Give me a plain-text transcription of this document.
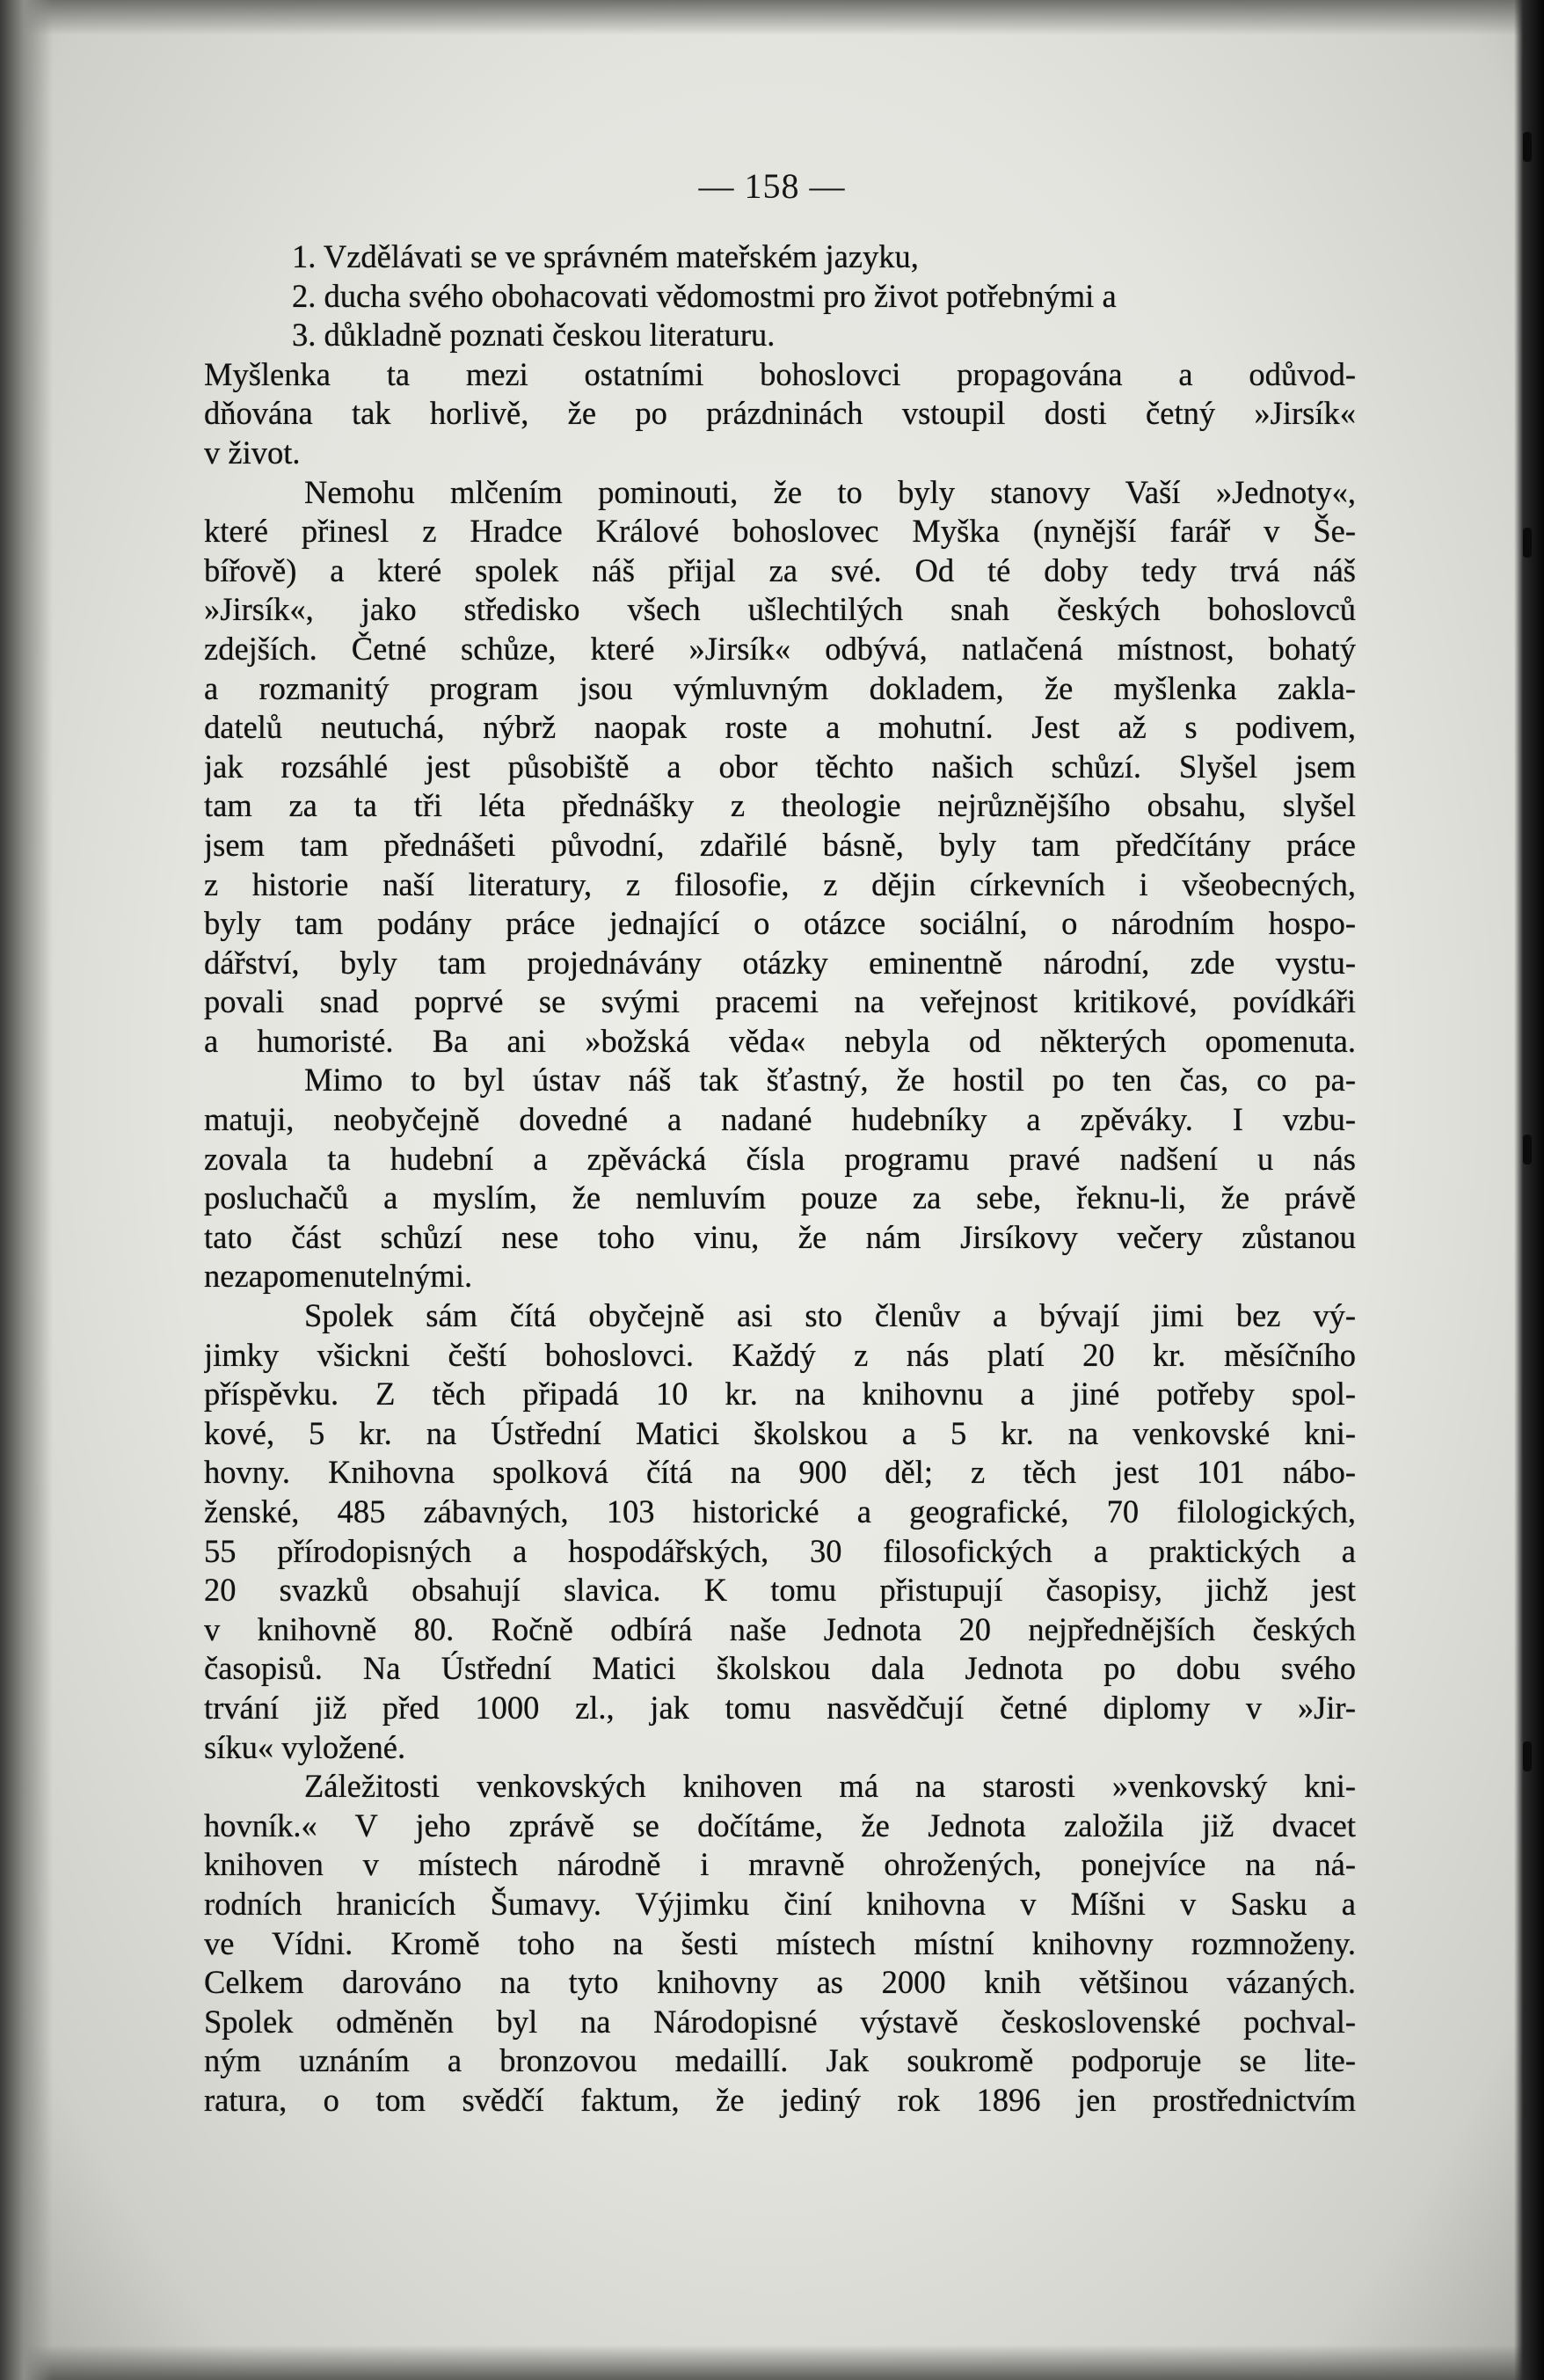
— 158 —
1. Vzdělávati se ve správném mateřském jazyku,
2. ducha svého obohacovati vědomostmi pro život potřebnými a
3. důkladně poznati českou literaturu.
Myšlenka ta mezi ostatními bohoslovci propagována a odůvod-
dňována tak horlivě, že po prázdninách vstoupil dosti četný »Jirsík«
v život.
Nemohu mlčením pominouti, že to byly stanovy Vaší »Jednoty«,
které přinesl z Hradce Králové bohoslovec Myška (nynější farář v Še-
bířově) a které spolek náš přijal za své. Od té doby tedy trvá náš
»Jirsík«, jako středisko všech ušlechtilých snah českých bohoslovců
zdejších. Četné schůze, které »Jirsík« odbývá, natlačená místnost, bohatý
a rozmanitý program jsou výmluvným dokladem, že myšlenka zakla-
datelů neutuchá, nýbrž naopak roste a mohutní. Jest až s podivem,
jak rozsáhlé jest působiště a obor těchto našich schůzí. Slyšel jsem
tam za ta tři léta přednášky z theologie nejrůznějšího obsahu, slyšel
jsem tam přednášeti původní, zdařilé básně, byly tam předčítány práce
z historie naší literatury, z filosofie, z dějin církevních i všeobecných,
byly tam podány práce jednající o otázce sociální, o národním hospo-
dářství, byly tam projednávány otázky eminentně národní, zde vystu-
povali snad poprvé se svými pracemi na veřejnost kritikové, povídkáři
a humoristé. Ba ani »božská věda« nebyla od některých opomenuta.
Mimo to byl ústav náš tak šťastný, že hostil po ten čas, co pa-
matuji, neobyčejně dovedné a nadané hudebníky a zpěváky. I vzbu-
zovala ta hudební a zpěvácká čísla programu pravé nadšení u nás
posluchačů a myslím, že nemluvím pouze za sebe, řeknu-li, že právě
tato část schůzí nese toho vinu, že nám Jirsíkovy večery zůstanou
nezapomenutelnými.
Spolek sám čítá obyčejně asi sto členův a bývají jimi bez vý-
jimky všickni čeští bohoslovci. Každý z nás platí 20 kr. měsíčního
příspěvku. Z těch připadá 10 kr. na knihovnu a jiné potřeby spol-
kové, 5 kr. na Ústřední Matici školskou a 5 kr. na venkovské kni-
hovny. Knihovna spolková čítá na 900 děl; z těch jest 101 nábo-
ženské, 485 zábavných, 103 historické a geografické, 70 filologických,
55 přírodopisných a hospodářských, 30 filosofických a praktických a
20 svazků obsahují slavica. K tomu přistupují časopisy, jichž jest
v knihovně 80. Ročně odbírá naše Jednota 20 nejpřednějších českých
časopisů. Na Ústřední Matici školskou dala Jednota po dobu svého
trvání již před 1000 zl., jak tomu nasvědčují četné diplomy v »Jir-
síku« vyložené.
Záležitosti venkovských knihoven má na starosti »venkovský kni-
hovník.« V jeho zprávě se dočítáme, že Jednota založila již dvacet
knihoven v místech národně i mravně ohrožených, ponejvíce na ná-
rodních hranicích Šumavy. Výjimku činí knihovna v Míšni v Sasku a
ve Vídni. Kromě toho na šesti místech místní knihovny rozmnoženy.
Celkem darováno na tyto knihovny as 2000 knih většinou vázaných.
Spolek odměněn byl na Národopisné výstavě československé pochval-
ným uznáním a bronzovou medaillí. Jak soukromě podporuje se lite-
ratura, o tom svědčí faktum, že jediný rok 1896 jen prostřednictvím
